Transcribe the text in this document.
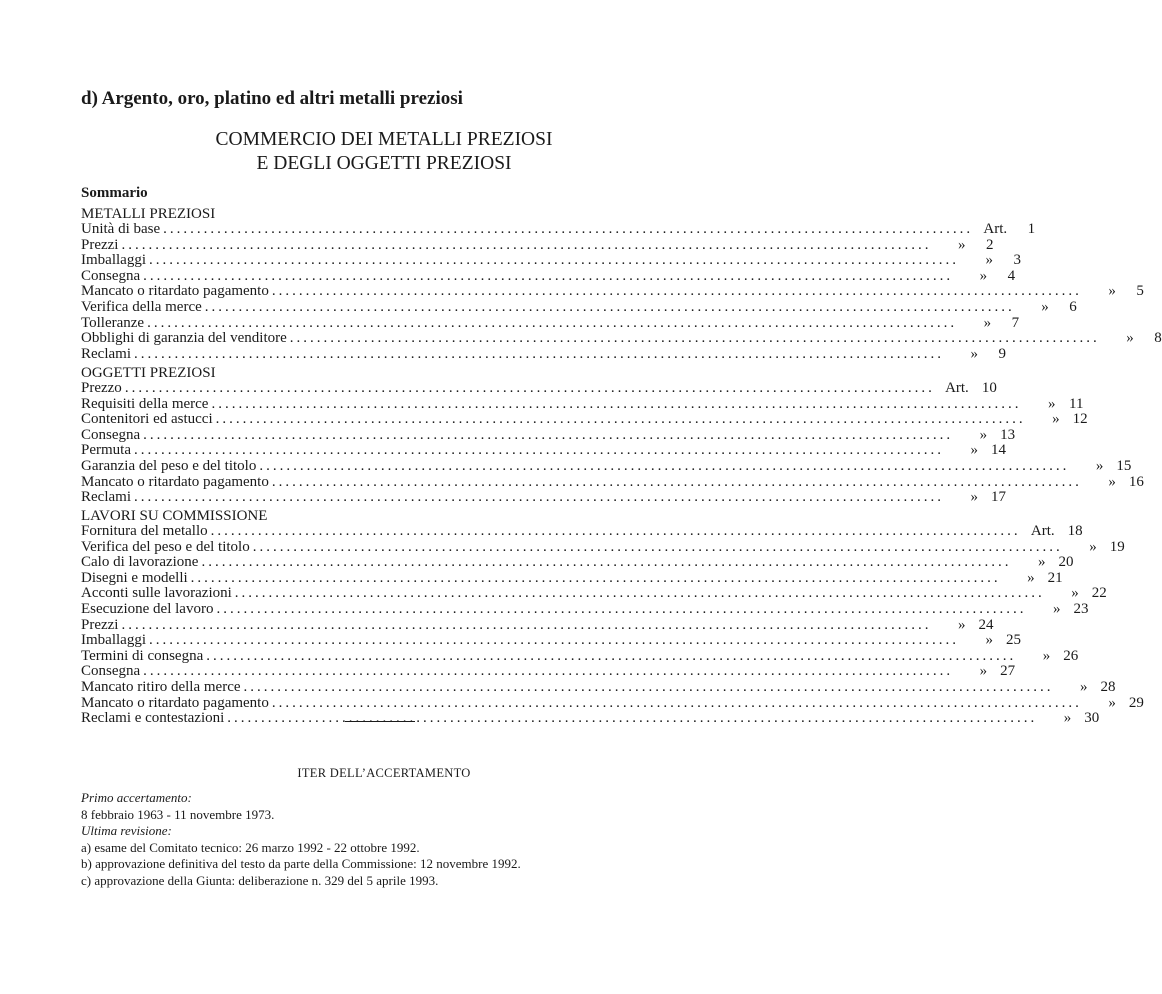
d) Argento, oro, platino ed altri metalli preziosi
COMMERCIO DEI METALLI PREZIOSI
E DEGLI OGGETTI PREZIOSI
Sommario
METALLI PREZIOSI
Unità di base ........................................................................................................................ Art.	1
Prezzi ........................................................................................................................	»	2
Imballaggi ........................................................................................................................	»	3
Consegna ........................................................................................................................	»	4
Mancato o ritardato pagamento ........................................................................................................................	»	5
Verifica della merce ........................................................................................................................	»	6
Tolleranze ........................................................................................................................	»	7
Obblighi di garanzia del venditore ........................................................................................................................	»	8
Reclami ........................................................................................................................	»	9
OGGETTI PREZIOSI
Prezzo ........................................................................................................................ Art. 10
Requisiti della merce ........................................................................................................................	» 11
Contenitori ed astucci ........................................................................................................................	» 12
Consegna ........................................................................................................................	» 13
Permuta ........................................................................................................................	» 14
Garanzia del peso e del titolo ........................................................................................................................	» 15
Mancato o ritardato pagamento ........................................................................................................................	» 16
Reclami ........................................................................................................................	» 17
LAVORI SU COMMISSIONE
Fornitura del metallo ........................................................................................................................ Art. 18
Verifica del peso e del titolo ........................................................................................................................	» 19
Calo di lavorazione ........................................................................................................................	» 20
Disegni e modelli ........................................................................................................................	» 21
Acconti sulle lavorazioni ........................................................................................................................	» 22
Esecuzione del lavoro ........................................................................................................................	» 23
Prezzi ........................................................................................................................	» 24
Imballaggi ........................................................................................................................	» 25
Termini di consegna ........................................................................................................................	» 26
Consegna ........................................................................................................................	» 27
Mancato ritiro della merce ........................................................................................................................	» 28
Mancato o ritardato pagamento ........................................................................................................................	» 29
Reclami e contestazioni ........................................................................................................................	» 30
ITER DELL’ACCERTAMENTO
Primo accertamento:
8 febbraio 1963 - 11 novembre 1973.
Ultima revisione:
a) esame del Comitato tecnico: 26 marzo 1992 - 22 ottobre 1992.
b) approvazione definitiva del testo da parte della Commissione: 12 novembre 1992.
c) approvazione della Giunta: deliberazione n. 329 del 5 aprile 1993.
